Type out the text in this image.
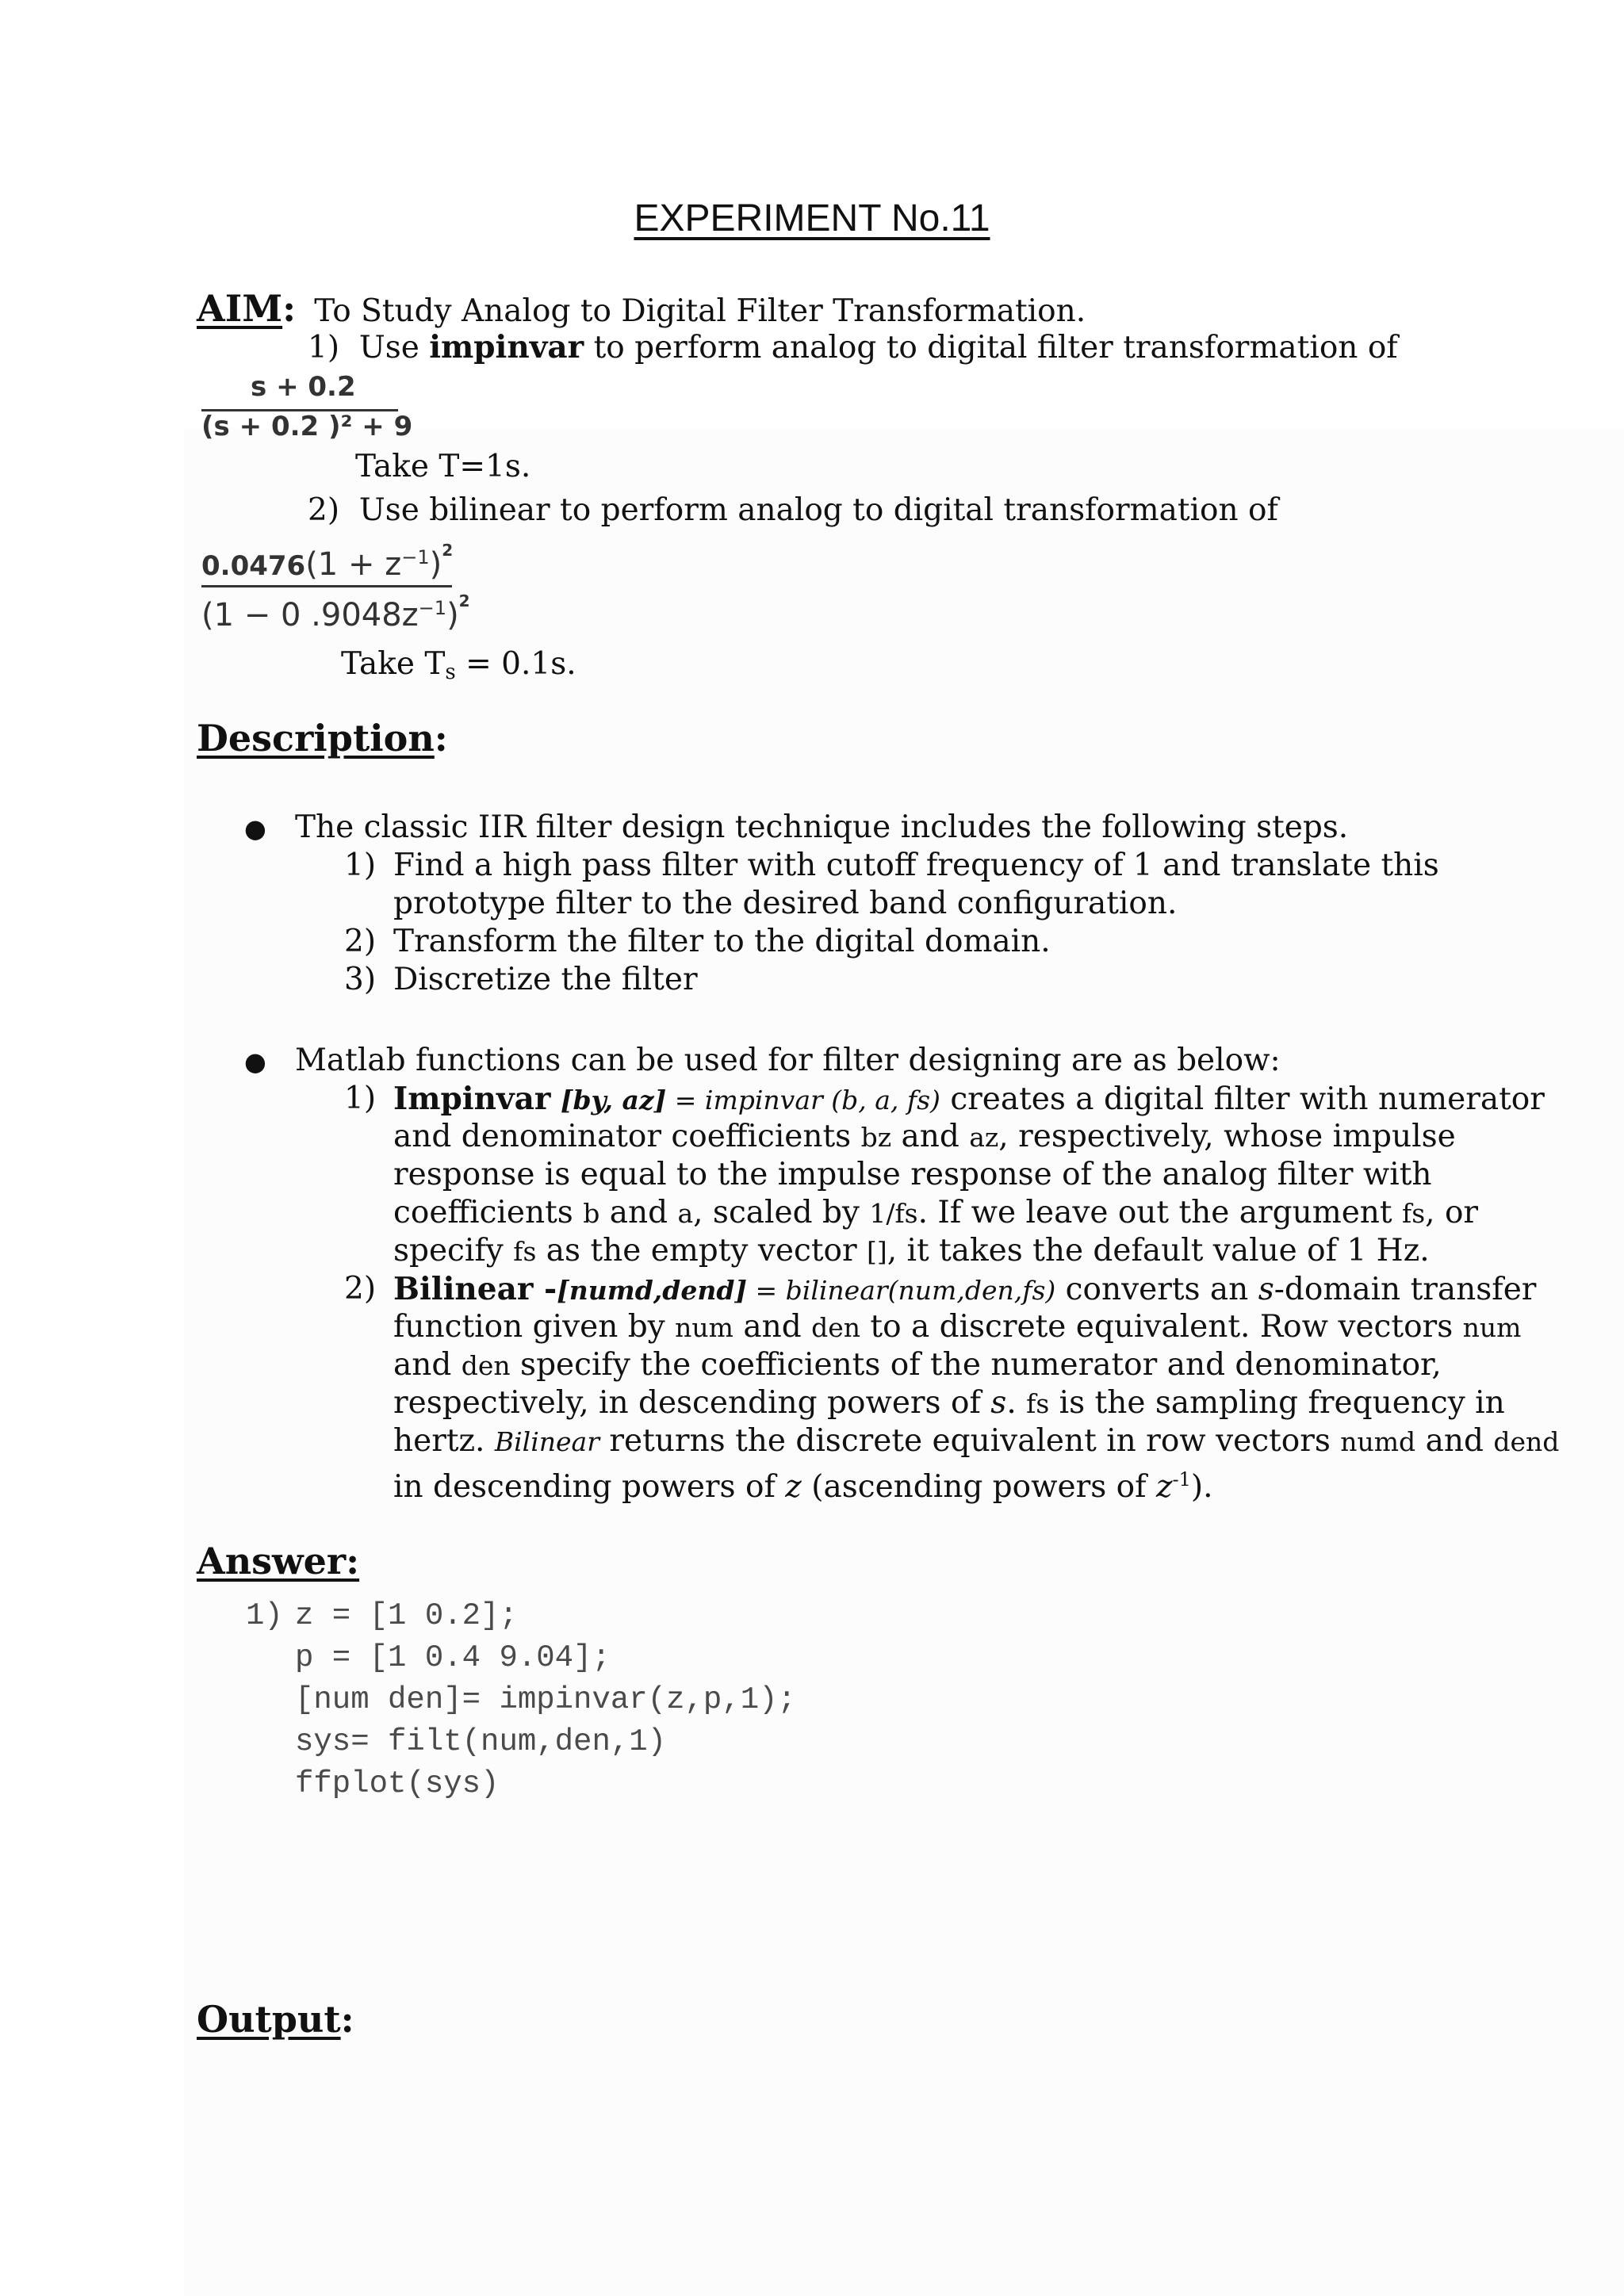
EXPERIMENT No.11
AIM: To Study Analog to Digital Filter Transformation.
1) Use impinvar to perform analog to digital filter transformation of
s + 0.2
(s + 0.2 )² + 9
Take T=1s.
2) Use bilinear to perform analog to digital transformation of
$0.0476(1 + z^{-1})^2$
(1 − 0 $.9048z^{-1})^2$
Take $T_s = 0.1s$.
Description:
● The classic IIR filter design technique includes the following steps.
1) Find a high pass filter with cutoff frequency of 1 and translate this
prototype filter to the desired band configuration.
2) Transform the filter to the digital domain.
3) Discretize the filter
● Matlab functions can be used for filter designing are as below:
1) Impinvar [by, az] = impinvar (b, a, fs) creates a digital filter with numerator
and denominator coefficients bz and az, respectively, whose impulse
response is equal to the impulse response of the analog filter with
coefficients b and a, scaled by 1/fs. If we leave out the argument fs, or
specify fs as the empty vector [], it takes the default value of 1 Hz.
2) Bilinear -[numd,dend] = bilinear(num,den,fs) converts an s-domain transfer
function given by num and den to a discrete equivalent. Row vectors num
and den specify the coefficients of the numerator and denominator,
respectively, in descending powers of s. fs is the sampling frequency in
hertz. Bilinear returns the discrete equivalent in row vectors numd and dend
in descending powers of z (ascending powers of $z^{-1}$).
Answer:
1) z = [1 0.2];
p = [1 0.4 9.04];
[num den]= impinvar(z,p,1);
sys= filt(num,den,1)
ffplot(sys)
Output:
